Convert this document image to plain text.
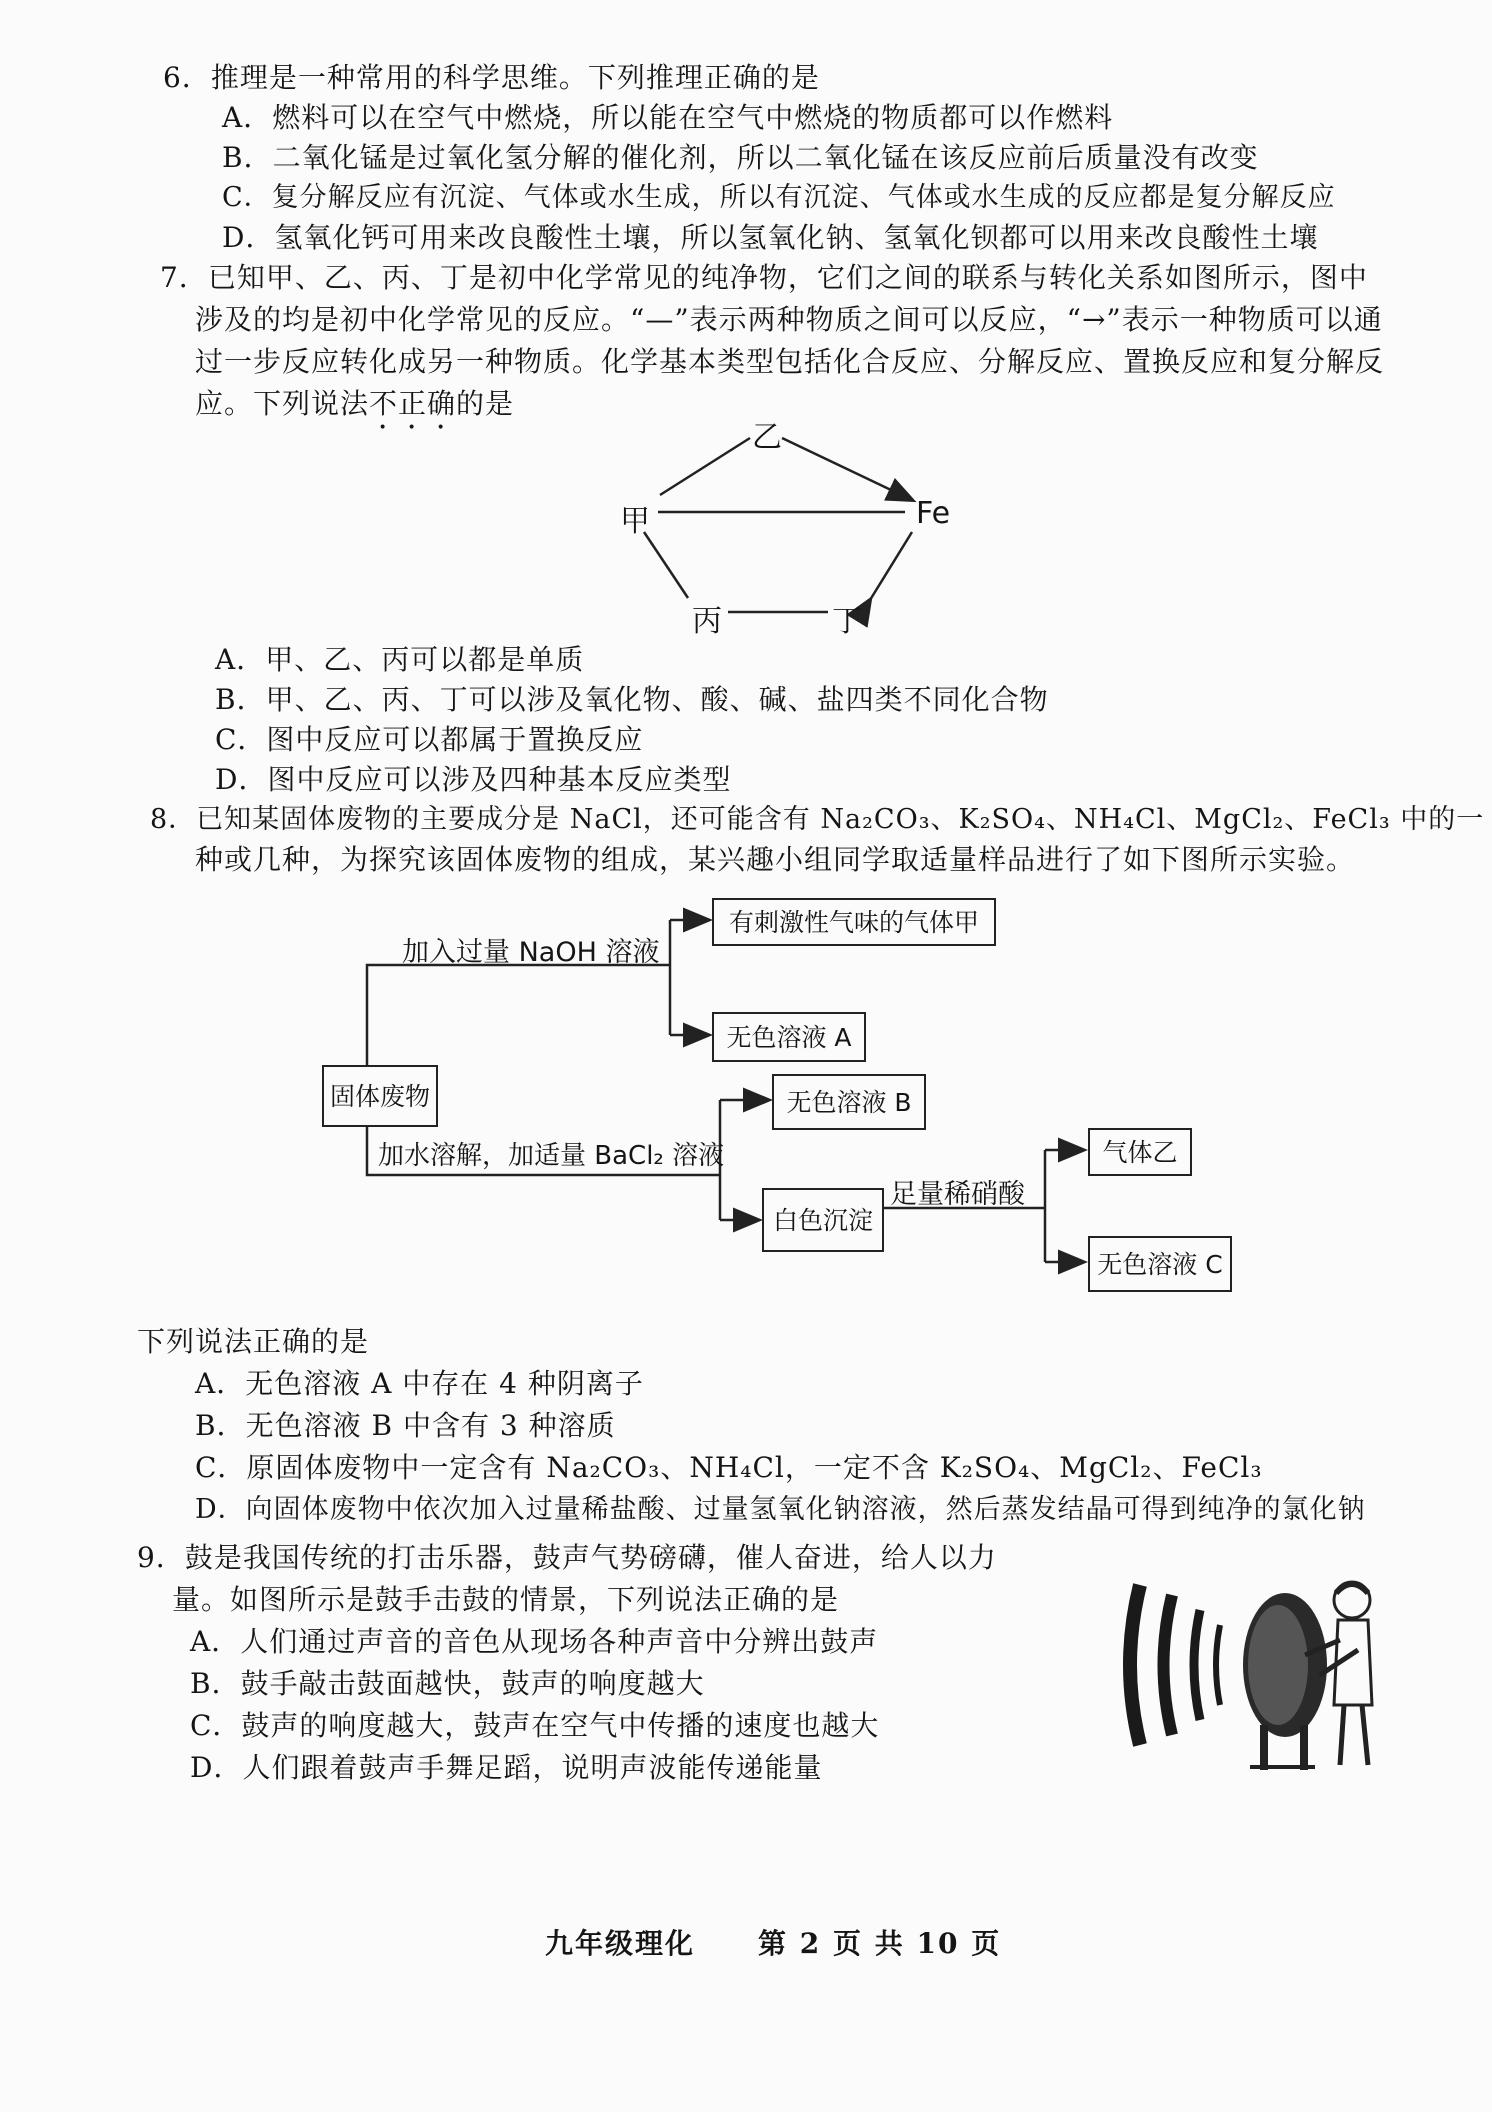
6．推理是一种常用的科学思维。下列推理正确的是
A．燃料可以在空气中燃烧，所以能在空气中燃烧的物质都可以作燃料
B．二氧化锰是过氧化氢分解的催化剂，所以二氧化锰在该反应前后质量没有改变
C．复分解反应有沉淀、气体或水生成，所以有沉淀、气体或水生成的反应都是复分解反应
D．氢氧化钙可用来改良酸性土壤，所以氢氧化钠、氢氧化钡都可以用来改良酸性土壤
7．已知甲、乙、丙、丁是初中化学常见的纯净物，它们之间的联系与转化关系如图所示，图中
涉及的均是初中化学常见的反应。“—”表示两种物质之间可以反应，“→”表示一种物质可以通
过一步反应转化成另一种物质。化学基本类型包括化合反应、分解反应、置换反应和复分解反
应。下列说法不正确的是
乙
甲	Fe
丙	丁
A．甲、乙、丙可以都是单质
B．甲、乙、丙、丁可以涉及氧化物、酸、碱、盐四类不同化合物
C．图中反应可以都属于置换反应
D．图中反应可以涉及四种基本反应类型
8．已知某固体废物的主要成分是 NaCl，还可能含有 Na₂CO₃、K₂SO₄、NH₄Cl、MgCl₂、FeCl₃ 中的一
种或几种，为探究该固体废物的组成，某兴趣小组同学取适量样品进行了如下图所示实验。
固体废物
加入过量 NaOH 溶液
有刺激性气味的气体甲
无色溶液 A
加水溶解，加适量 BaCl₂ 溶液
无色溶液 B
白色沉淀
足量稀硝酸
气体乙
无色溶液 C
下列说法正确的是
A．无色溶液 A 中存在 4 种阴离子
B．无色溶液 B 中含有 3 种溶质
C．原固体废物中一定含有 Na₂CO₃、NH₄Cl，一定不含 K₂SO₄、MgCl₂、FeCl₃
D．向固体废物中依次加入过量稀盐酸、过量氢氧化钠溶液，然后蒸发结晶可得到纯净的氯化钠
9．鼓是我国传统的打击乐器，鼓声气势磅礴，催人奋进，给人以力
量。如图所示是鼓手击鼓的情景，下列说法正确的是
A．人们通过声音的音色从现场各种声音中分辨出鼓声
B．鼓手敲击鼓面越快，鼓声的响度越大
C．鼓声的响度越大，鼓声在空气中传播的速度也越大
D．人们跟着鼓声手舞足蹈，说明声波能传递能量
九年级理化 第 2 页 共 10 页
